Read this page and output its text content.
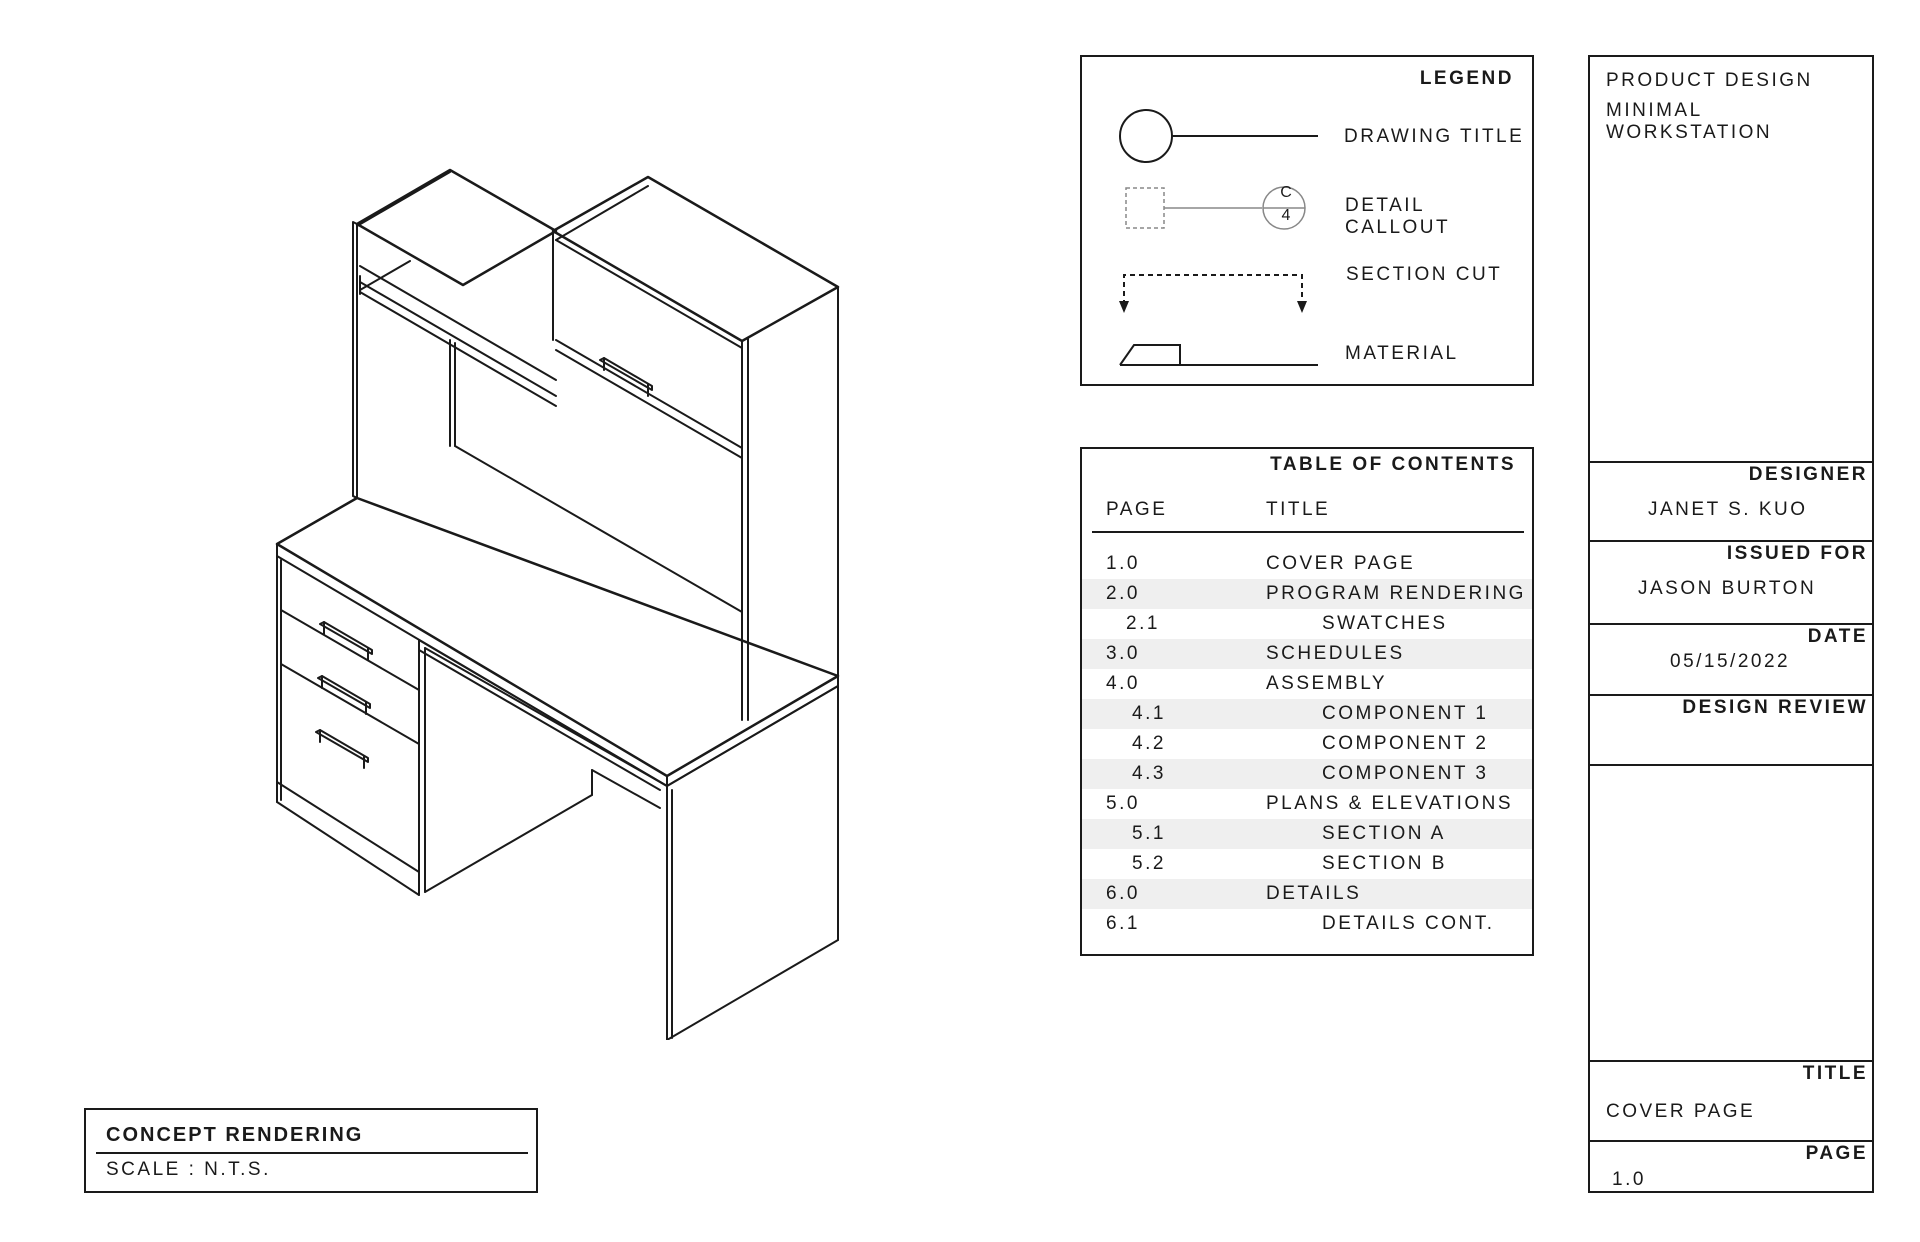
CONCEPT RENDERING
SCALE : N.T.S.
LEGEND
DRAWING TITLE
C
4	DETAIL CALLOUT
SECTION CUT
MATERIAL
TABLE OF CONTENTS
PAGE	TITLE
1.0	COVER PAGE
2.0	PROGRAM RENDERING
2.1	SWATCHES
3.0	SCHEDULES
4.0	ASSEMBLY
4.1	COMPONENT 1
4.2	COMPONENT 2
4.3	COMPONENT 3
5.0	PLANS & ELEVATIONS
5.1	SECTION A
5.2	SECTION B
6.0	DETAILS
6.1	DETAILS CONT.
PRODUCT DESIGN
MINIMAL WORKSTATION
DESIGNER
JANET S. KUO
ISSUED FOR
JASON BURTON
DATE
05/15/2022
DESIGN REVIEW
TITLE
COVER PAGE
PAGE
1.0
